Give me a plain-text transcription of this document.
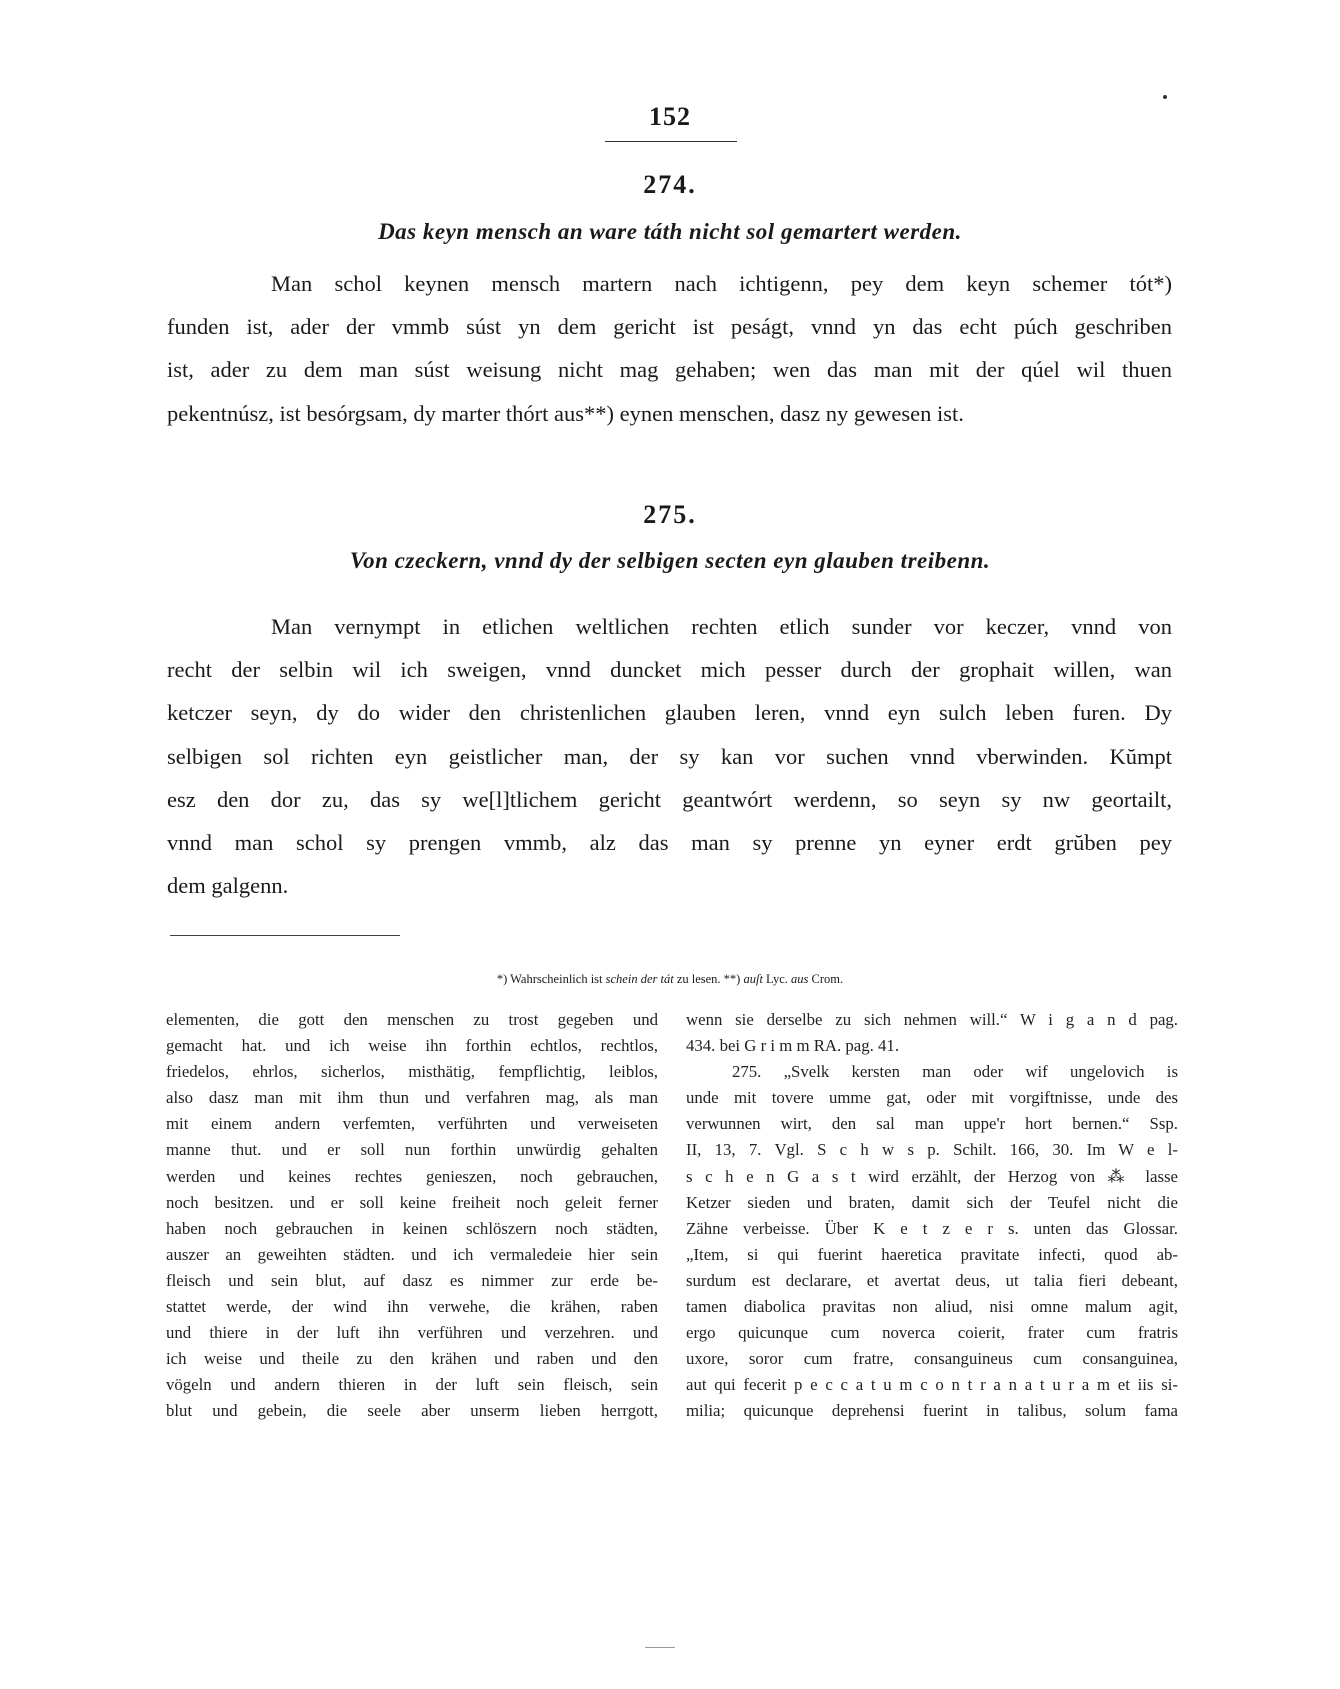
152
274.
Das keyn mensch an ware táth nicht sol gemartert werden.

Man schol keynen mensch martern nach ichtigenn, pey dem keyn schemer tót*)
funden ist, ader der vmmb súst yn dem gericht ist peságt, vnnd yn das echt púch geschriben
ist, ader zu dem man súst weisung nicht mag gehaben; wen das man mit der qúel wil thuen
pekentnúsz, ist besórgsam, dy marter thórt aus**) eynen menschen, dasz ny gewesen ist.

275.
Von czeckern, vnnd dy der selbigen secten eyn glauben treibenn.

Man vernympt in etlichen weltlichen rechten etlich sunder vor keczer, vnnd von
recht der selbin wil ich sweigen, vnnd duncket mich pesser durch der grophait willen, wan
ketczer seyn, dy do wider den christenlichen glauben leren, vnnd eyn sulch leben furen. Dy
selbigen sol richten eyn geistlicher man, der sy kan vor suchen vnnd vberwinden. Kŭmpt
esz den dor zu, das sy we[l]tlichem gericht geantwórt werdenn, so seyn sy nw geortailt,
vnnd man schol sy prengen vmmb, alz das man sy prenne yn eyner erdt grŭben pey
dem galgenn.

*) Wahrscheinlich ist schein der tát zu lesen. **) auſt Lyc. aus Crom.

elementen, die gott den menschen zu trost gegeben und
gemacht hat. und ich weise ihn forthin echtlos, rechtlos,
friedelos, ehrlos, sicherlos, misthätig, fempflichtig, leiblos,
also dasz man mit ihm thun und verfahren mag, als man
mit einem andern verfemten, verführten und verweiseten
manne thut. und er soll nun forthin unwürdig gehalten
werden und keines rechtes genieszen, noch gebrauchen,
noch besitzen. und er soll keine freiheit noch geleit ferner
haben noch gebrauchen in keinen schlöszern noch städten,
auszer an geweihten städten. und ich vermaledeie hier sein
fleisch und sein blut, auf dasz es nimmer zur erde be-
stattet werde, der wind ihn verwehe, die krähen, raben
und thiere in der luft ihn verführen und verzehren. und
ich weise und theile zu den krähen und raben und den
vögeln und andern thieren in der luft sein fleisch, sein
blut und gebein, die seele aber unserm lieben herrgott,

wenn sie derselbe zu sich nehmen will.“ W i g a n d pag.
434. bei G r i m m RA. pag. 41.
275. „Svelk kersten man oder wif ungelovich is
unde mit tovere umme gat, oder mit vorgiftnisse, unde des
verwunnen wirt, den sal man uppe'r hort bernen.“ Ssp.
II, 13, 7. Vgl. S c h w s p. Schilt. 166, 30. Im W e l-
s c h e n G a s t wird erzählt, der Herzog von ⁂ lasse
Ketzer sieden und braten, damit sich der Teufel nicht die
Zähne verbeisse. Über K e t z e r s. unten das Glossar.
„Item, si qui fuerint haeretica pravitate infecti, quod ab-
surdum est declarare, et avertat deus, ut talia fieri debeant,
tamen diabolica pravitas non aliud, nisi omne malum agit,
ergo quicunque cum noverca coierit, frater cum fratris
uxore, soror cum fratre, consanguineus cum consanguinea,
aut qui fecerit p e c c a t u m c o n t r a n a t u r a m et iis si-
milia; quicunque deprehensi fuerint in talibus, solum fama
